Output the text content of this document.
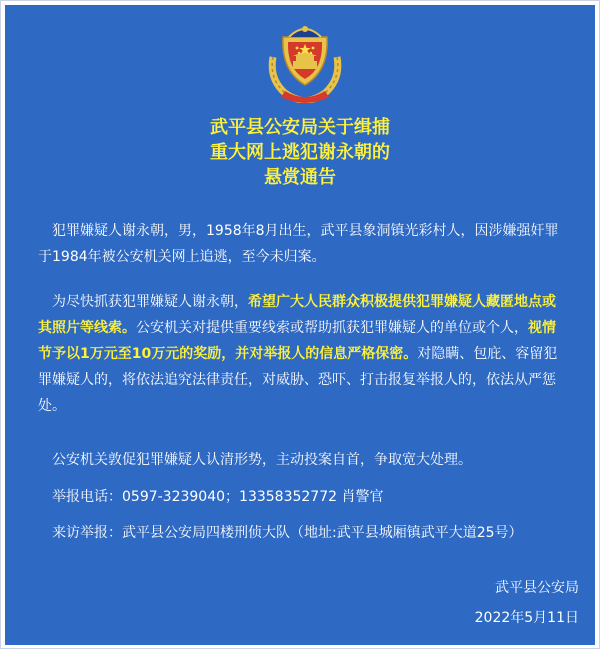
武平县公安局关于缉捕
重大网上逃犯谢永朝的
悬赏通告
犯罪嫌疑人谢永朝，男，1958年8月出生，武平县象洞镇光彩村人，因涉嫌强奸罪于1984年被公安机关网上追逃，至今未归案。
为尽快抓获犯罪嫌疑人谢永朝，希望广大人民群众积极提供犯罪嫌疑人藏匿地点或其照片等线索。公安机关对提供重要线索或帮助抓获犯罪嫌疑人的单位或个人，视情节予以1万元至10万元的奖励，并对举报人的信息严格保密。对隐瞒、包庇、容留犯罪嫌疑人的，将依法追究法律责任，对威胁、恐吓、打击报复举报人的，依法从严惩处。
公安机关敦促犯罪嫌疑人认清形势，主动投案自首，争取宽大处理。
举报电话：0597-3239040；13358352772 肖警官
来访举报：武平县公安局四楼刑侦大队（地址:武平县城厢镇武平大道25号）
武平县公安局
2022年5月11日
